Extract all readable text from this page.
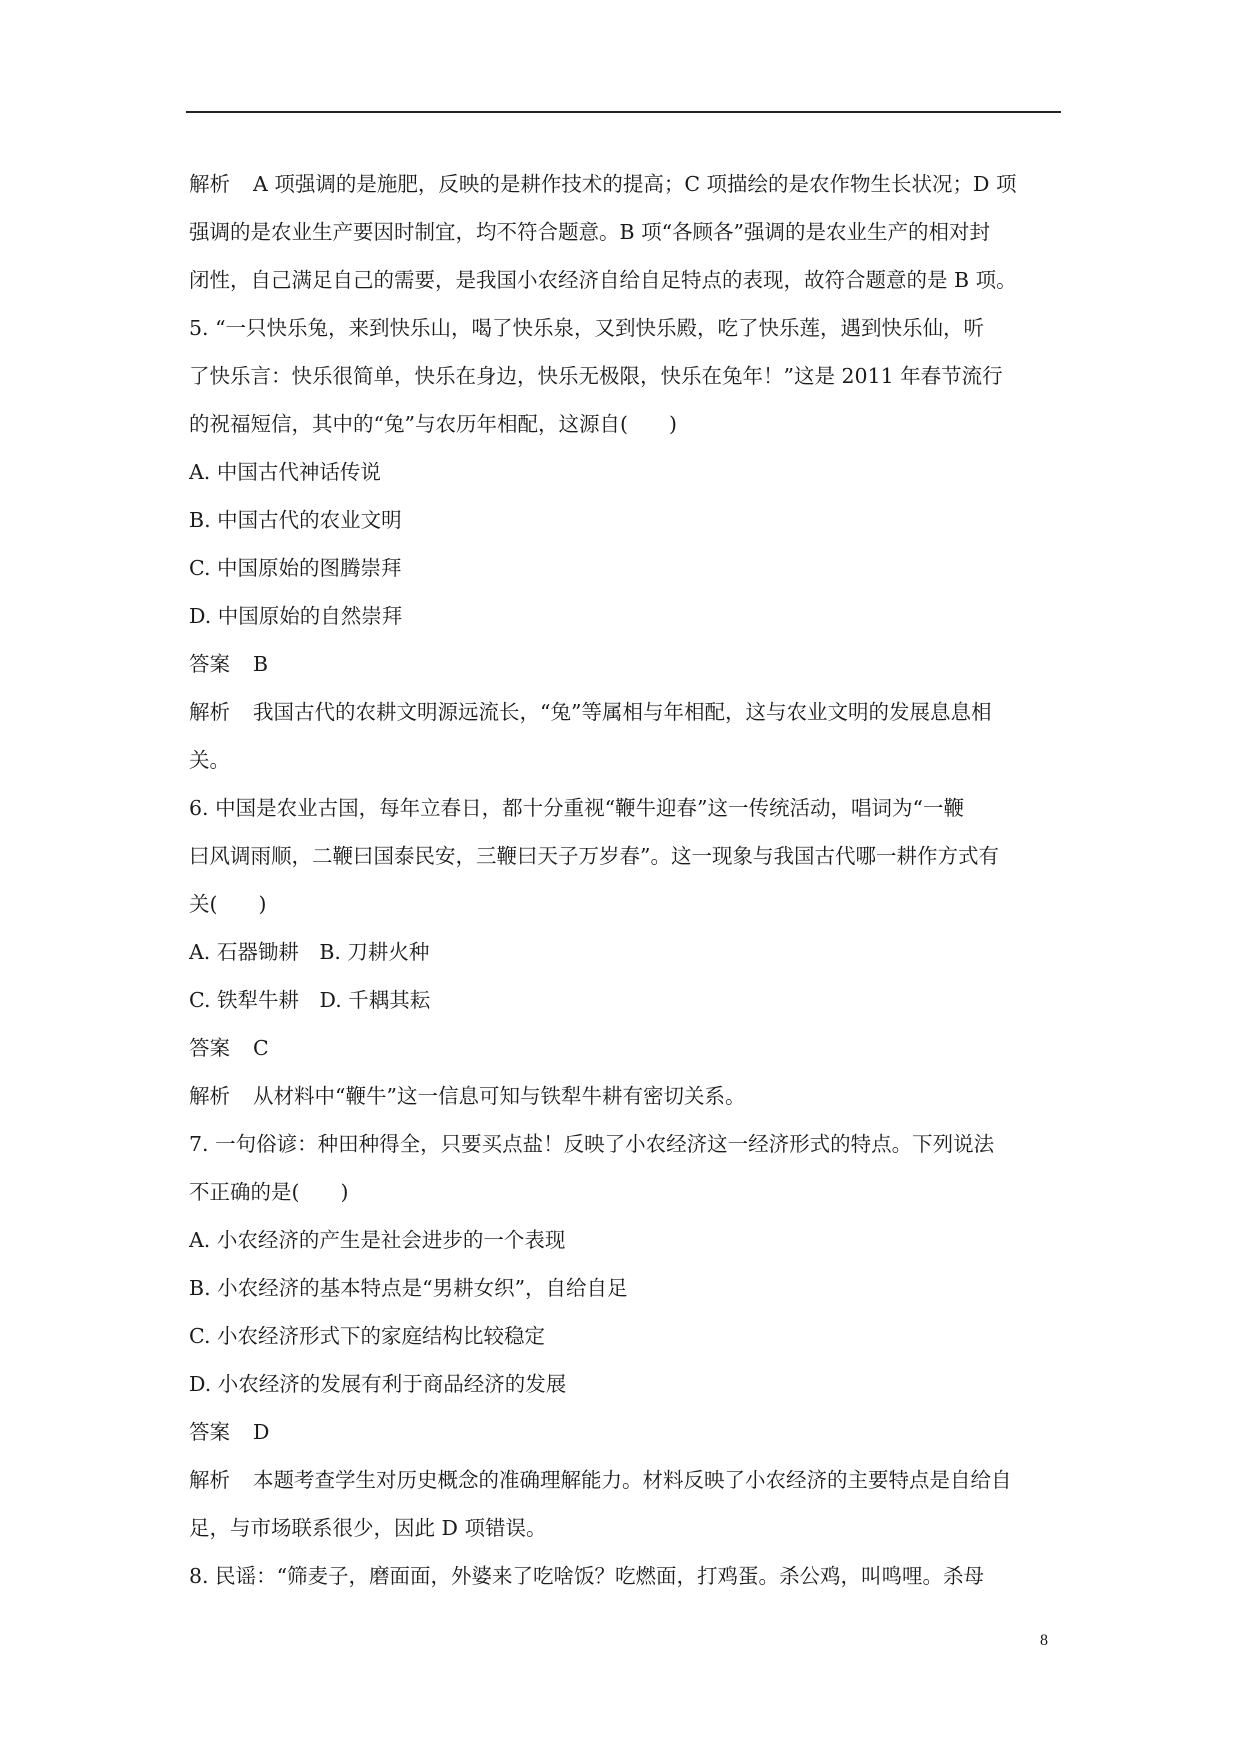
解析 A 项强调的是施肥，反映的是耕作技术的提高；C 项描绘的是农作物生长状况；D 项
强调的是农业生产要因时制宜，均不符合题意。B 项“各顾各”强调的是农业生产的相对封
闭性，自己满足自己的需要，是我国小农经济自给自足特点的表现，故符合题意的是 B 项。
5. “一只快乐兔，来到快乐山，喝了快乐泉，又到快乐殿，吃了快乐莲，遇到快乐仙，听
了快乐言：快乐很简单，快乐在身边，快乐无极限，快乐在兔年！”这是 2011 年春节流行
的祝福短信，其中的“兔”与农历年相配，这源自(　　)
A. 中国古代神话传说
B. 中国古代的农业文明
C. 中国原始的图腾崇拜
D. 中国原始的自然崇拜
答案 B
解析 我国古代的农耕文明源远流长，“兔”等属相与年相配，这与农业文明的发展息息相
关。
6. 中国是农业古国，每年立春日，都十分重视“鞭牛迎春”这一传统活动，唱词为“一鞭
曰风调雨顺，二鞭曰国泰民安，三鞭曰天子万岁春”。这一现象与我国古代哪一耕作方式有
关(　　)
A. 石器锄耕　B. 刀耕火种
C. 铁犁牛耕　D. 千耦其耘
答案 C
解析 从材料中“鞭牛”这一信息可知与铁犁牛耕有密切关系。
7. 一句俗谚：种田种得全，只要买点盐！反映了小农经济这一经济形式的特点。下列说法
不正确的是(　　)
A. 小农经济的产生是社会进步的一个表现
B. 小农经济的基本特点是“男耕女织”，自给自足
C. 小农经济形式下的家庭结构比较稳定
D. 小农经济的发展有利于商品经济的发展
答案 D
解析 本题考查学生对历史概念的准确理解能力。材料反映了小农经济的主要特点是自给自
足，与市场联系很少，因此 D 项错误。
8. 民谣：“筛麦子，磨面面，外婆来了吃啥饭？吃燃面，打鸡蛋。杀公鸡，叫鸣哩。杀母
8
